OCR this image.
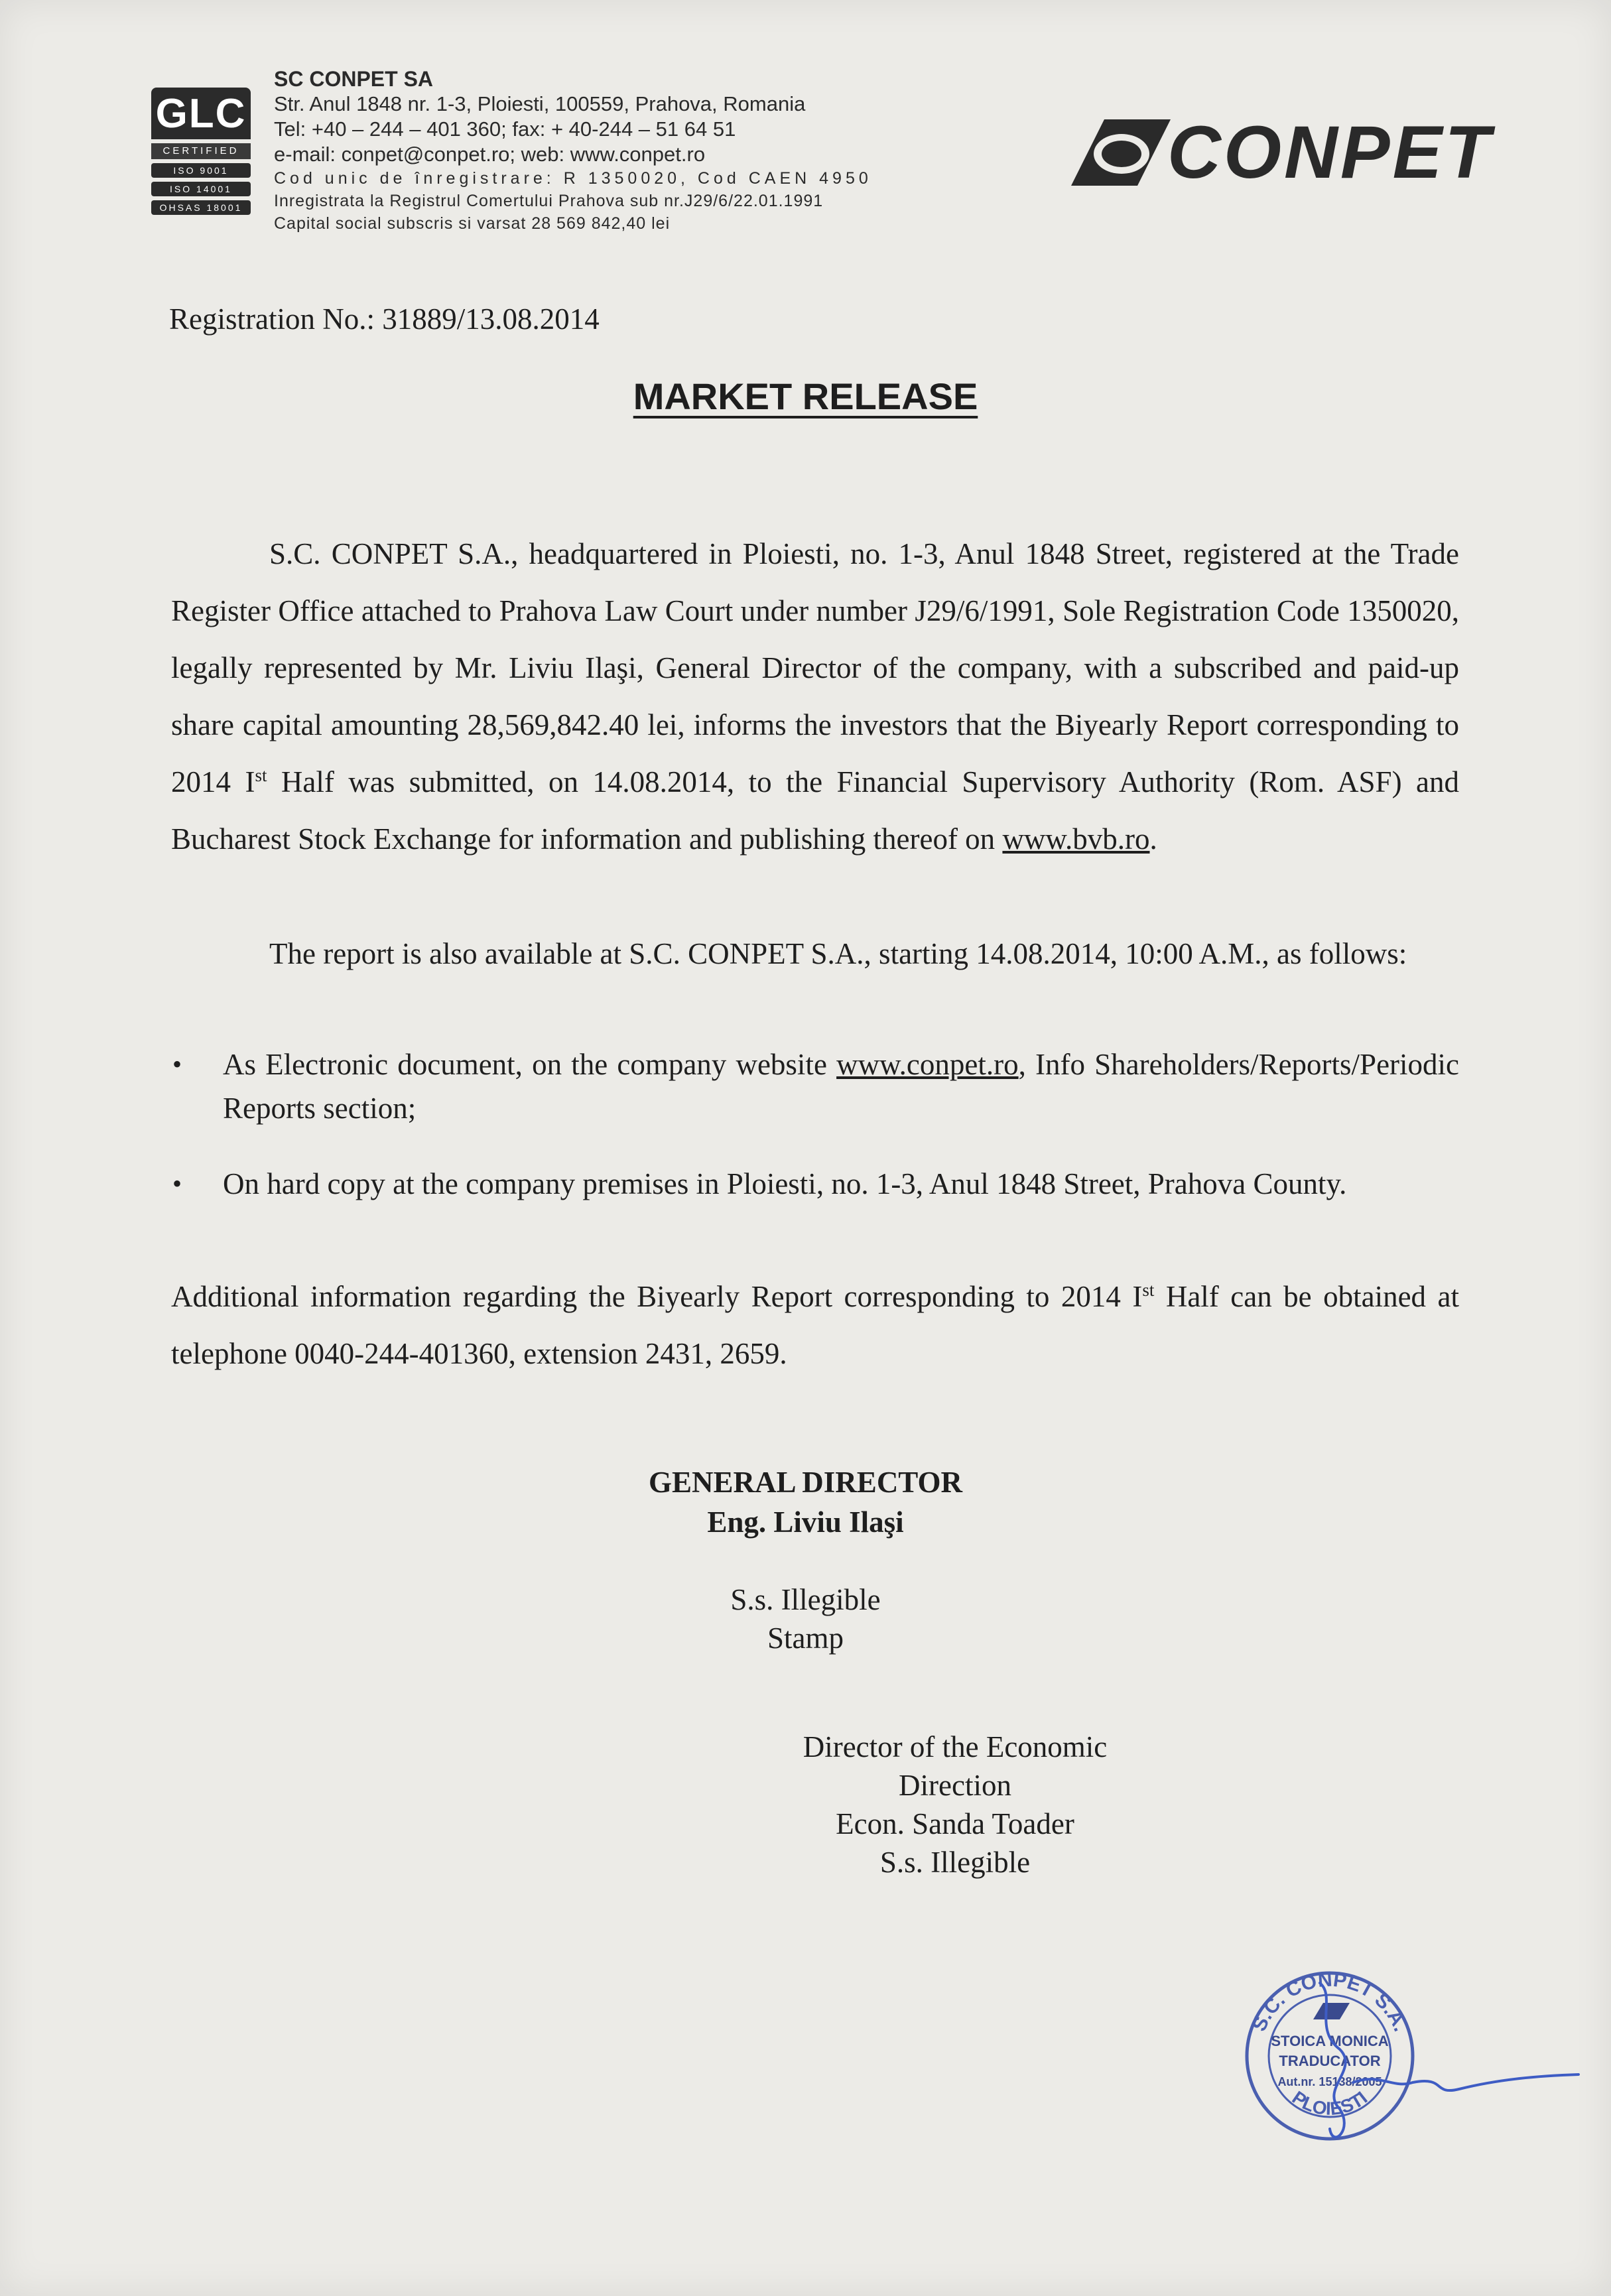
GLC
CERTIFIED
ISO 9001
ISO 14001
OHSAS 18001
SC CONPET SA
Str. Anul 1848 nr. 1-3, Ploiesti, 100559, Prahova, Romania
Tel: +40 – 244 – 401 360; fax: + 40-244 – 51 64 51
e-mail: conpet@conpet.ro; web: www.conpet.ro
Cod unic de înregistrare: R 1350020, Cod CAEN 4950
Inregistrata la Registrul Comertului Prahova sub nr.J29/6/22.01.1991
Capital social subscris si varsat 28 569 842,40 lei
CONPET
Registration No.: 31889/13.08.2014
MARKET RELEASE
S.C. CONPET S.A., headquartered in Ploiesti, no. 1-3, Anul 1848 Street, registered at the Trade Register Office attached to Prahova Law Court under number J29/6/1991, Sole Registration Code 1350020, legally represented by Mr. Liviu Ilaşi, General Director of the company, with a subscribed and paid-up share capital amounting 28,569,842.40 lei, informs the investors that the Biyearly Report corresponding to 2014 Ist Half was submitted, on 14.08.2014, to the Financial Supervisory Authority (Rom. ASF) and Bucharest Stock Exchange for information and publishing thereof on www.bvb.ro.
The report is also available at S.C. CONPET S.A., starting 14.08.2014, 10:00 A.M., as follows:
•	As Electronic document, on the company website www.conpet.ro, Info Shareholders/Reports/Periodic Reports section;
•	On hard copy at the company premises in Ploiesti, no. 1-3, Anul 1848 Street, Prahova County.
Additional information regarding the Biyearly Report corresponding to 2014 Ist Half can be obtained at telephone 0040-244-401360, extension 2431, 2659.
GENERAL DIRECTOR
Eng. Liviu Ilaşi
S.s. Illegible
Stamp
Director of the Economic Direction
Econ. Sanda Toader
S.s. Illegible
S.C. CONPET S.A.
STOICA MONICA
TRADUCATOR
Aut.nr. 15138/2005
PLOIESTI
